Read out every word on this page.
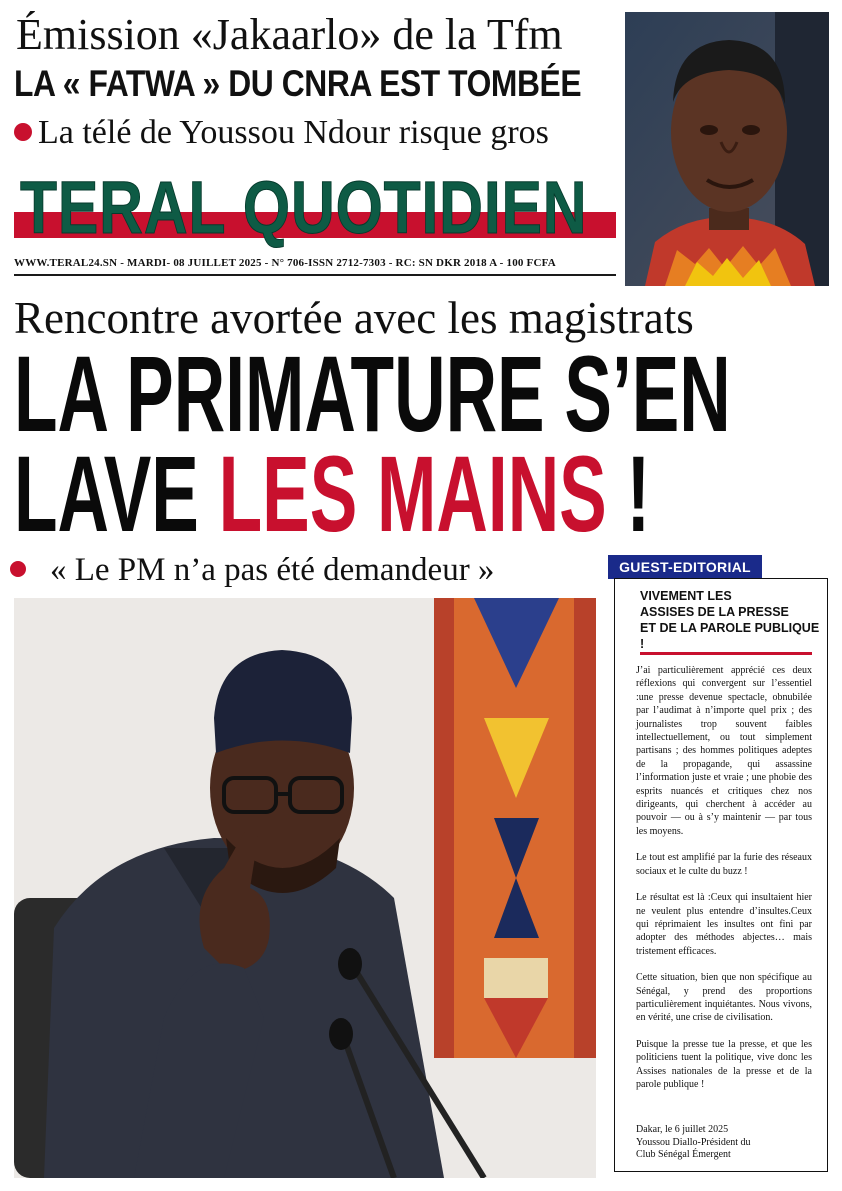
Émission «Jakaarlo» de la Tfm
LA « FATWA » DU CNRA EST TOMBÉE
La télé de Youssou Ndour risque gros
TERAL QUOTIDIEN
WWW.TERAL24.SN - MARDI- 08 JUILLET 2025 - N° 706-ISSN 2712-7303 - RC: SN DKR 2018 A - 100 FCFA
Rencontre avortée avec les magistrats
LA PRIMATURE S’EN
LAVE LES MAINS !
« Le PM n’a pas été demandeur »	GUEST-EDITORIAL
VIVEMENT LES
ASSISES DE LA PRESSE
ET DE LA PAROLE PUBLIQUE !

J’ai particulièrement apprécié ces deux réflexions qui convergent sur l’essentiel :une presse devenue spectacle, obnubilée par l’audimat à n’importe quel prix ; des journalistes trop souvent faibles intellectuellement, ou tout simplement partisans ; des hommes politiques adeptes de la propagande, qui assassine l’information juste et vraie ; une phobie des esprits nuancés et critiques chez nos dirigeants, qui cherchent à accéder au pouvoir — ou à s’y maintenir — par tous les moyens.

Le tout est amplifié par la furie des réseaux sociaux et le culte du buzz !

Le résultat est là :Ceux qui insultaient hier ne veulent plus entendre d’insultes.Ceux qui réprimaient les insultes ont fini par adopter des méthodes abjectes… mais tristement efficaces.

Cette situation, bien que non spécifique au Sénégal, y prend des proportions particulièrement inquiétantes. Nous vivons, en vérité, une crise de civilisation.

Puisque la presse tue la presse, et que les politiciens tuent la politique, vive donc les Assises nationales de la presse et de la parole publique !

Dakar, le 6 juillet 2025
Youssou Diallo-Président du
Club Sénégal Émergent
